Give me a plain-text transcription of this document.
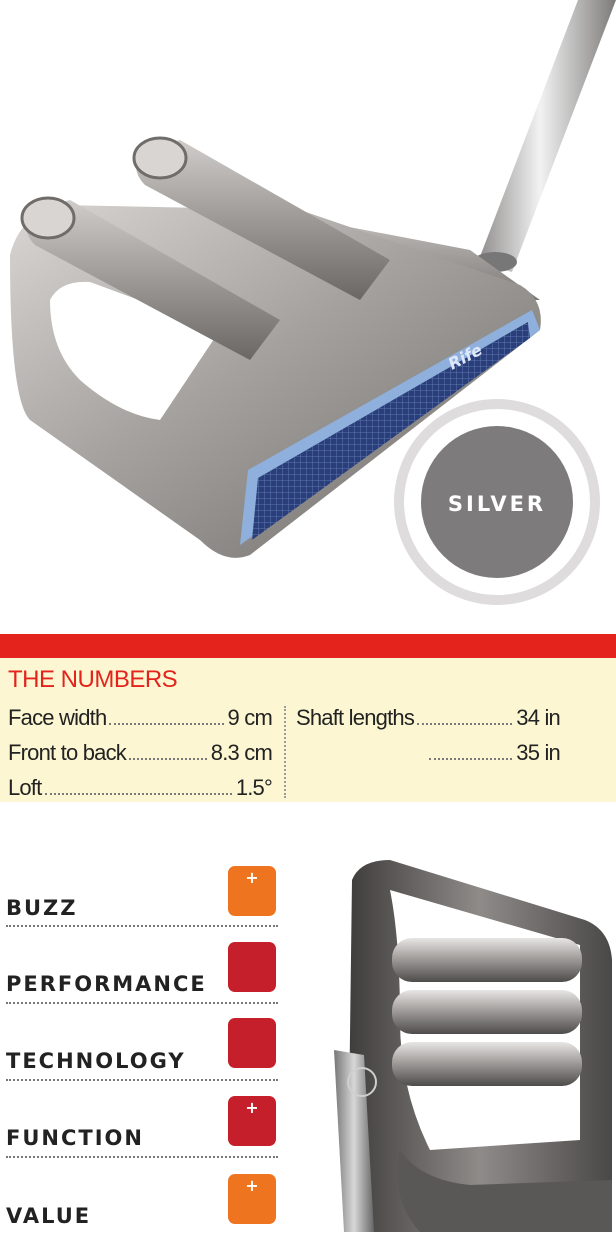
Rife
SILVER
THE NUMBERS
Face width	9 cm
Front to back	8.3 cm
Loft	1.5°
Shaft lengths	34 in
35 in
+
BUZZ
PERFORMANCE
TECHNOLOGY
+
FUNCTION
+
VALUE
